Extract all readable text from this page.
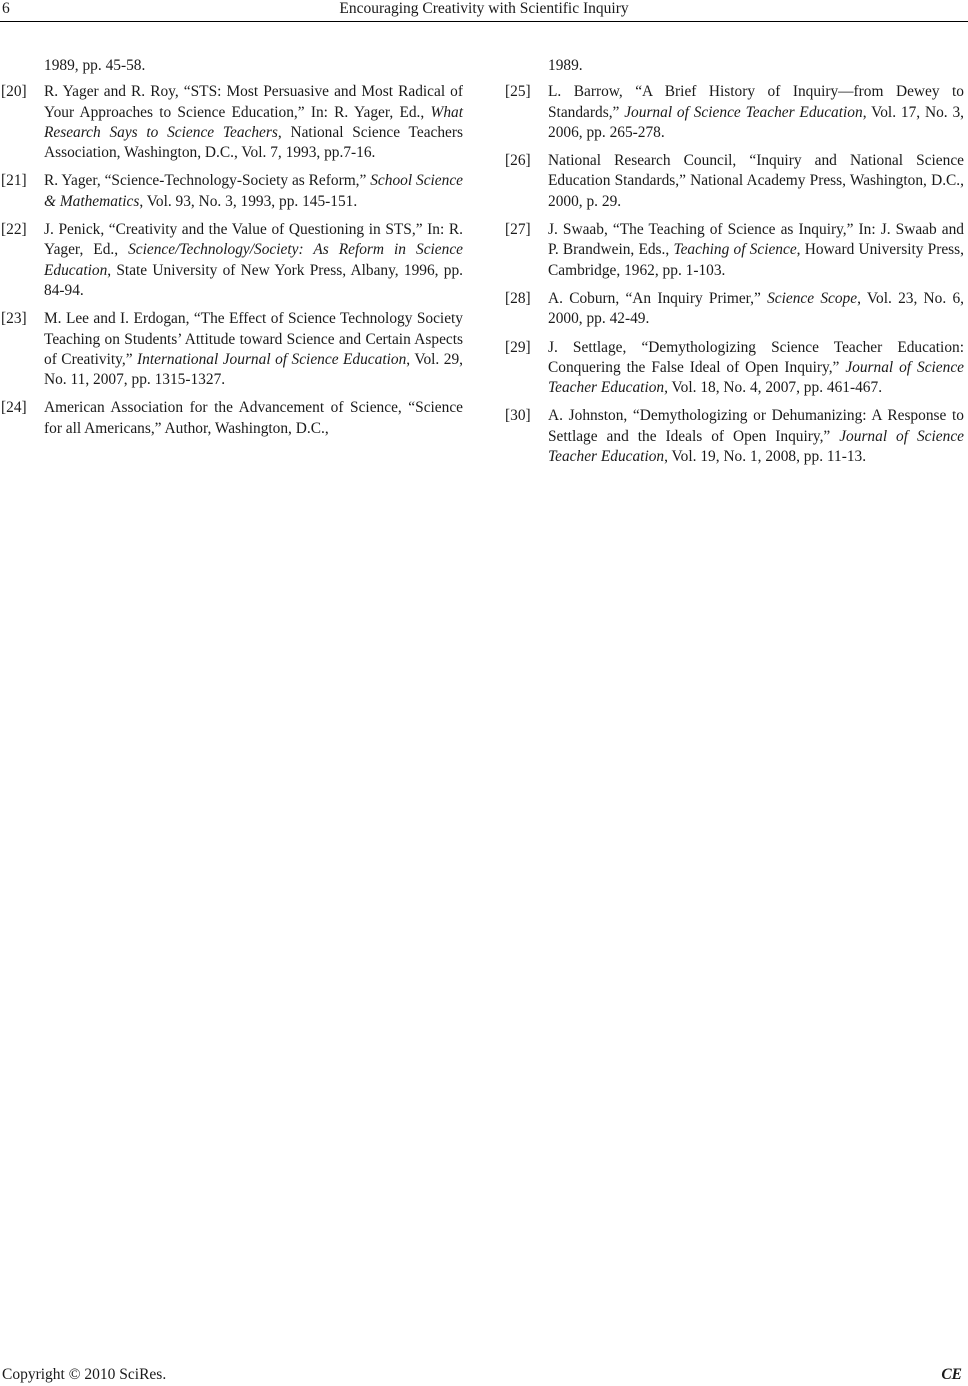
6	Encouraging Creativity with Scientific Inquiry
1989, pp. 45-58.
[20] R. Yager and R. Roy, “STS: Most Persuasive and Most Radical of Your Approaches to Science Education,” In: R. Yager, Ed., What Research Says to Science Teachers, National Science Teachers Association, Washington, D.C., Vol. 7, 1993, pp.7-16.
[21] R. Yager, “Science-Technology-Society as Reform,” School Science & Mathematics, Vol. 93, No. 3, 1993, pp. 145-151.
[22] J. Penick, “Creativity and the Value of Questioning in STS,” In: R. Yager, Ed., Science/Technology/Society: As Reform in Science Education, State University of New York Press, Albany, 1996, pp. 84-94.
[23] M. Lee and I. Erdogan, “The Effect of Science Technology Society Teaching on Students’ Attitude toward Science and Certain Aspects of Creativity,” International Journal of Science Education, Vol. 29, No. 11, 2007, pp. 1315-1327.
[24] American Association for the Advancement of Science, “Science for all Americans,” Author, Washington, D.C.,
1989.
[25] L. Barrow, “A Brief History of Inquiry—from Dewey to Standards,” Journal of Science Teacher Education, Vol. 17, No. 3, 2006, pp. 265-278.
[26] National Research Council, “Inquiry and National Science Education Standards,” National Academy Press, Washington, D.C., 2000, p. 29.
[27] J. Swaab, “The Teaching of Science as Inquiry,” In: J. Swaab and P. Brandwein, Eds., Teaching of Science, Howard University Press, Cambridge, 1962, pp. 1-103.
[28] A. Coburn, “An Inquiry Primer,” Science Scope, Vol. 23, No. 6, 2000, pp. 42-49.
[29] J. Settlage, “Demythologizing Science Teacher Education: Conquering the False Ideal of Open Inquiry,” Journal of Science Teacher Education, Vol. 18, No. 4, 2007, pp. 461-467.
[30] A. Johnston, “Demythologizing or Dehumanizing: A Response to Settlage and the Ideals of Open Inquiry,” Journal of Science Teacher Education, Vol. 19, No. 1, 2008, pp. 11-13.
Copyright © 2010 SciRes.	CE
